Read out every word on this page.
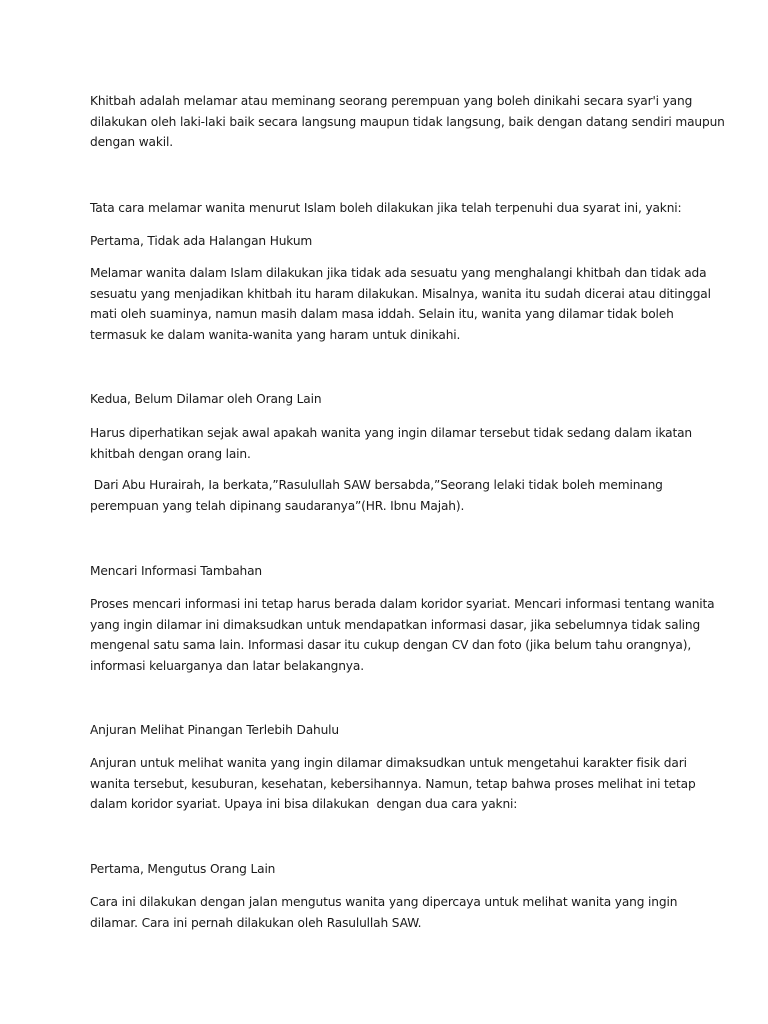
Khitbah adalah melamar atau meminang seorang perempuan yang boleh dinikahi secara syar'i yang
dilakukan oleh laki-laki baik secara langsung maupun tidak langsung, baik dengan datang sendiri maupun
dengan wakil.

Tata cara melamar wanita menurut Islam boleh dilakukan jika telah terpenuhi dua syarat ini, yakni:

Pertama, Tidak ada Halangan Hukum

Melamar wanita dalam Islam dilakukan jika tidak ada sesuatu yang menghalangi khitbah dan tidak ada
sesuatu yang menjadikan khitbah itu haram dilakukan. Misalnya, wanita itu sudah dicerai atau ditinggal
mati oleh suaminya, namun masih dalam masa iddah. Selain itu, wanita yang dilamar tidak boleh
termasuk ke dalam wanita-wanita yang haram untuk dinikahi.

Kedua, Belum Dilamar oleh Orang Lain

Harus diperhatikan sejak awal apakah wanita yang ingin dilamar tersebut tidak sedang dalam ikatan
khitbah dengan orang lain.

Dari Abu Hurairah, Ia berkata,”Rasulullah SAW bersabda,”Seorang lelaki tidak boleh meminang
perempuan yang telah dipinang saudaranya”(HR. Ibnu Majah).

Mencari Informasi Tambahan

Proses mencari informasi ini tetap harus berada dalam koridor syariat. Mencari informasi tentang wanita
yang ingin dilamar ini dimaksudkan untuk mendapatkan informasi dasar, jika sebelumnya tidak saling
mengenal satu sama lain. Informasi dasar itu cukup dengan CV dan foto (jika belum tahu orangnya),
informasi keluarganya dan latar belakangnya.

Anjuran Melihat Pinangan Terlebih Dahulu

Anjuran untuk melihat wanita yang ingin dilamar dimaksudkan untuk mengetahui karakter fisik dari
wanita tersebut, kesuburan, kesehatan, kebersihannya. Namun, tetap bahwa proses melihat ini tetap
dalam koridor syariat. Upaya ini bisa dilakukan  dengan dua cara yakni:

Pertama, Mengutus Orang Lain

Cara ini dilakukan dengan jalan mengutus wanita yang dipercaya untuk melihat wanita yang ingin
dilamar. Cara ini pernah dilakukan oleh Rasulullah SAW.
